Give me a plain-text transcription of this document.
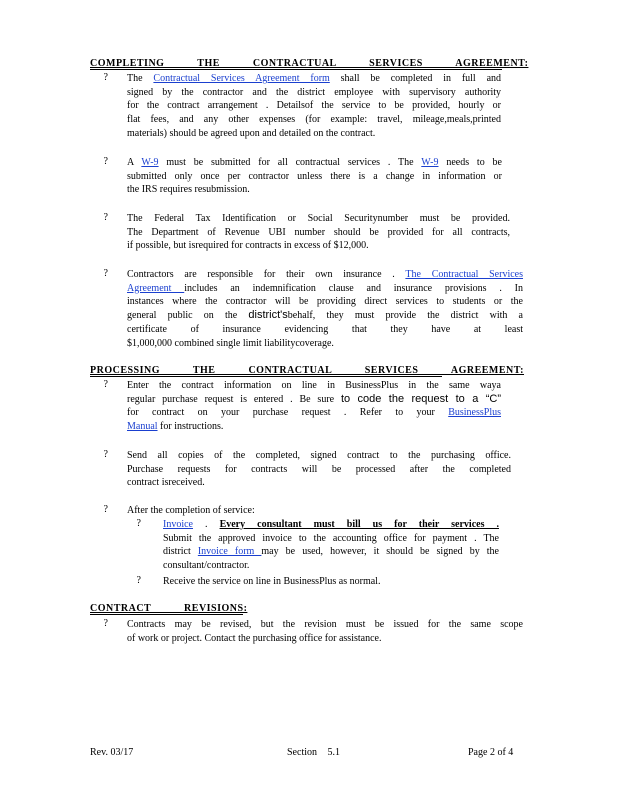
COMPLETING THE CONTRACTUAL SERVICES AGREEMENT:
PROCESSING THE CONTRACTUAL SERVICES AGREEMENT:
CONTRACT REVISIONS:
? The Contractual Services Agreement form shall be completed in full and
signed by the contractor and the district employee with supervisory authority
for the contract arrangement . Detailsof the service to be provided, hourly or
flat fees, and any other expenses (for example: travel, mileage,meals,printed
materials) should be agreed upon and detailed on the contract.
? A W-9 must be submitted for all contractual services . The W-9 needs to be
submitted only once per contractor unless there is a change in information or
the IRS requires resubmission.
? The Federal Tax Identification or Social Securitynumber must be provided.
The Department of Revenue UBI number should be provided for all contracts,
if possible, but isrequired for contracts in excess of $12,000.
? Contractors are responsible for their own insurance . The Contractual Services
Agreement includes an indemnification clause and insurance provisions . In
instances where the contractor will be providing direct services to students or the
general public on the district'sbehalf, they must provide the district with a
certificate of insurance evidencing that they have at least
$1,000,000 combined single limit liabilitycoverage.
? Enter the contract information on line in BusinessPlus in the same waya
regular purchase request is entered . Be sure to code the request to a “C”
for contract on your purchase request . Refer to your BusinessPlus
Manual for instructions.
? Send all copies of the completed, signed contract to the purchasing office.
Purchase requests for contracts will be processed after the completed
contract isreceived.
? After the completion of service:
? Invoice . Every consultant must bill us for their services .
Submit the approved invoice to the accounting office for payment . The
district Invoice form may be used, however, it should be signed by the
consultant/contractor.
? Receive the service on line in BusinessPlus as normal.
? Contracts may be revised, but the revision must be issued for the same scope
of work or project. Contact the purchasing office for assistance.
Rev. 03/17	Section 5.1	Page 2 of 4
